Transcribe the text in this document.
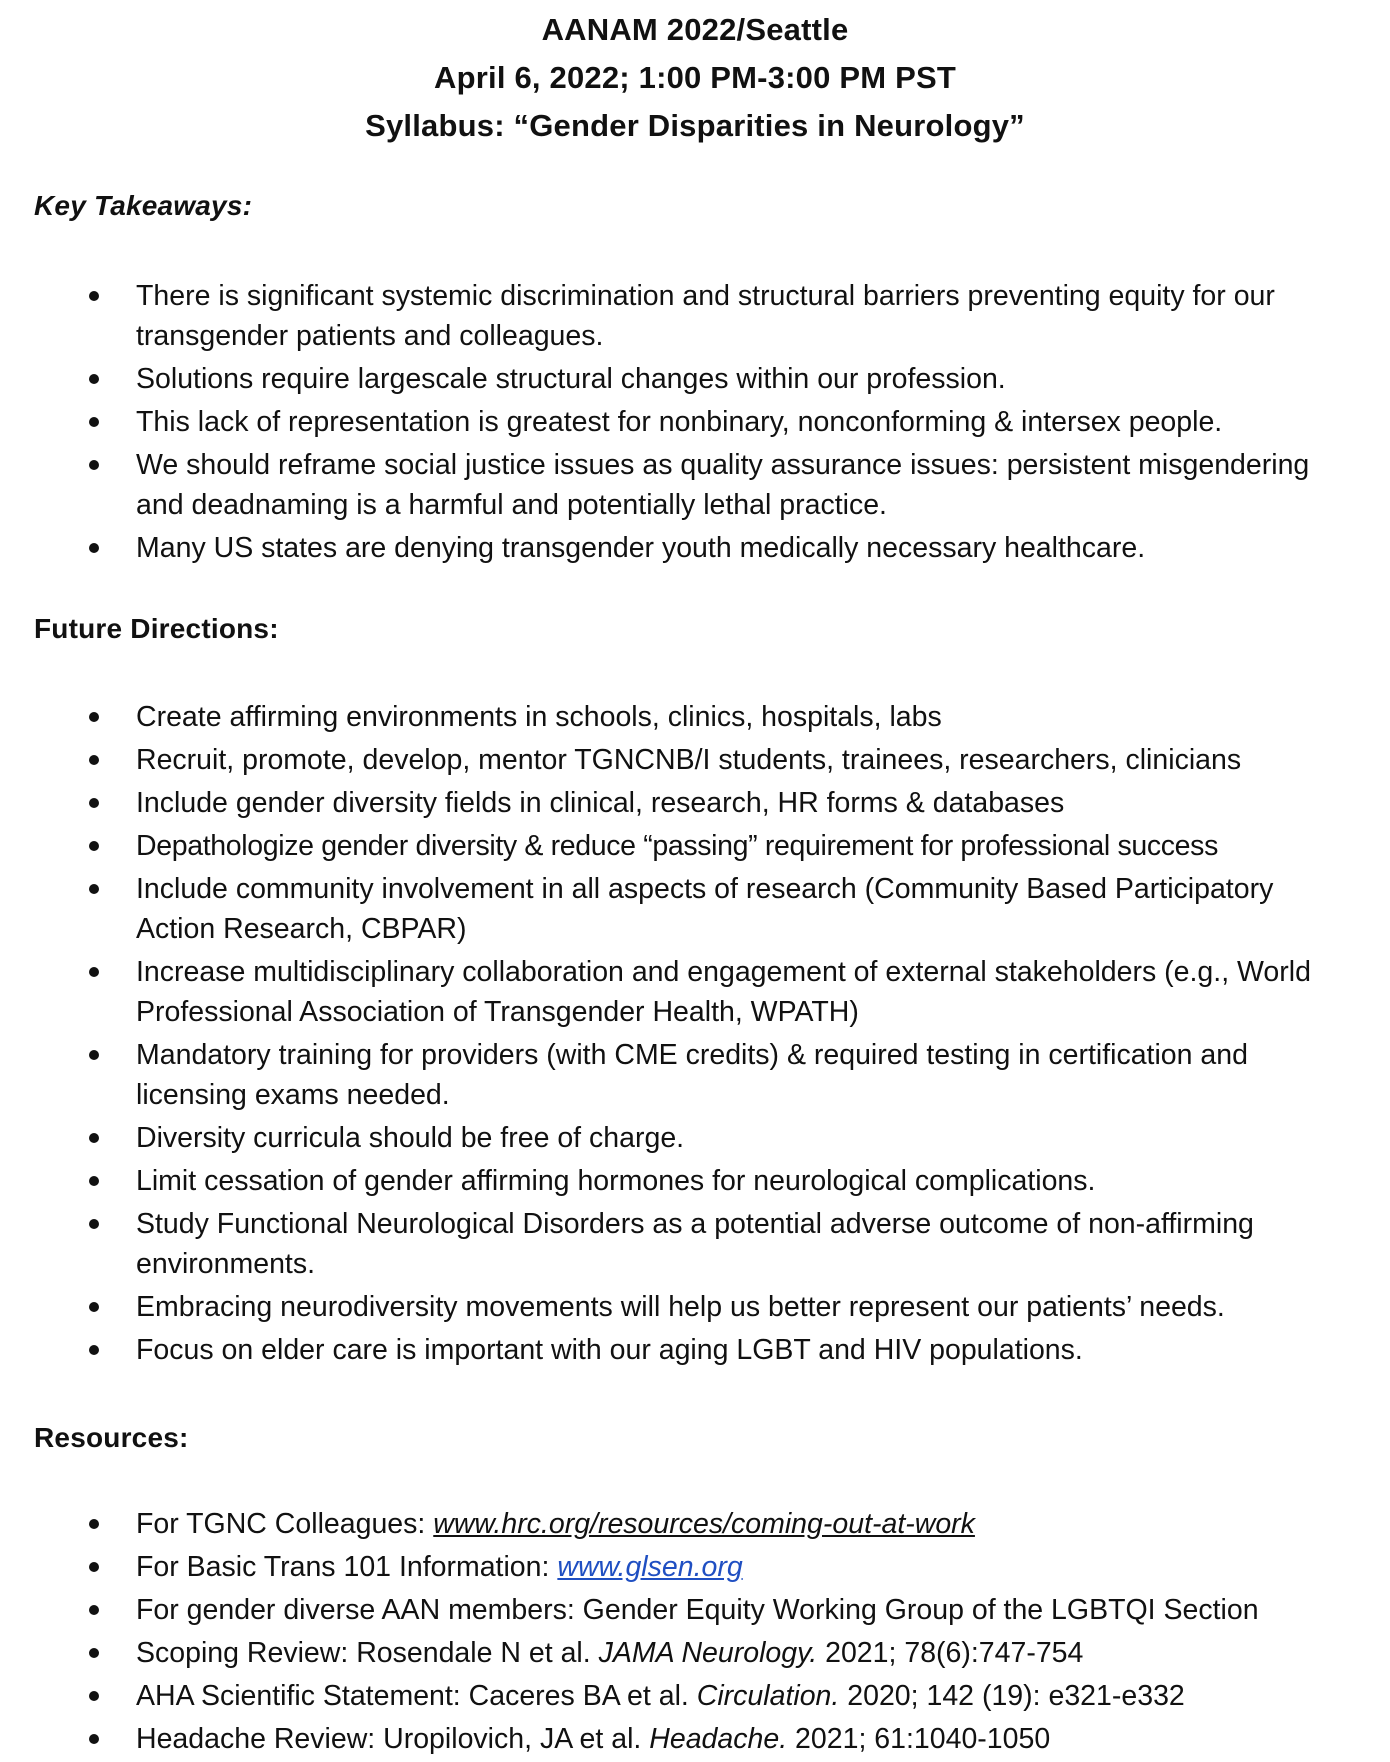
AANAM 2022/Seattle
April 6, 2022; 1:00 PM-3:00 PM PST
Syllabus: “Gender Disparities in Neurology”
Key Takeaways:
There is significant systemic discrimination and structural barriers preventing equity for our transgender patients and colleagues.
Solutions require largescale structural changes within our profession.
This lack of representation is greatest for nonbinary, nonconforming & intersex people.
We should reframe social justice issues as quality assurance issues: persistent misgendering and deadnaming is a harmful and potentially lethal practice.
Many US states are denying transgender youth medically necessary healthcare.
Future Directions:
Create affirming environments in schools, clinics, hospitals, labs
Recruit, promote, develop, mentor TGNCNB/I students, trainees, researchers, clinicians
Include gender diversity fields in clinical, research, HR forms & databases
Depathologize gender diversity & reduce “passing” requirement for professional success
Include community involvement in all aspects of research (Community Based Participatory Action Research, CBPAR)
Increase multidisciplinary collaboration and engagement of external stakeholders (e.g., World Professional Association of Transgender Health, WPATH)
Mandatory training for providers (with CME credits) & required testing in certification and licensing exams needed.
Diversity curricula should be free of charge.
Limit cessation of gender affirming hormones for neurological complications.
Study Functional Neurological Disorders as a potential adverse outcome of non-affirming environments.
Embracing neurodiversity movements will help us better represent our patients’ needs.
Focus on elder care is important with our aging LGBT and HIV populations.
Resources:
For TGNC Colleagues: www.hrc.org/resources/coming-out-at-work
For Basic Trans 101 Information: www.glsen.org
For gender diverse AAN members: Gender Equity Working Group of the LGBTQI Section
Scoping Review: Rosendale N et al. JAMA Neurology. 2021; 78(6):747-754
AHA Scientific Statement: Caceres BA et al. Circulation. 2020; 142 (19): e321-e332
Headache Review: Uropilovich, JA et al. Headache. 2021; 61:1040-1050
